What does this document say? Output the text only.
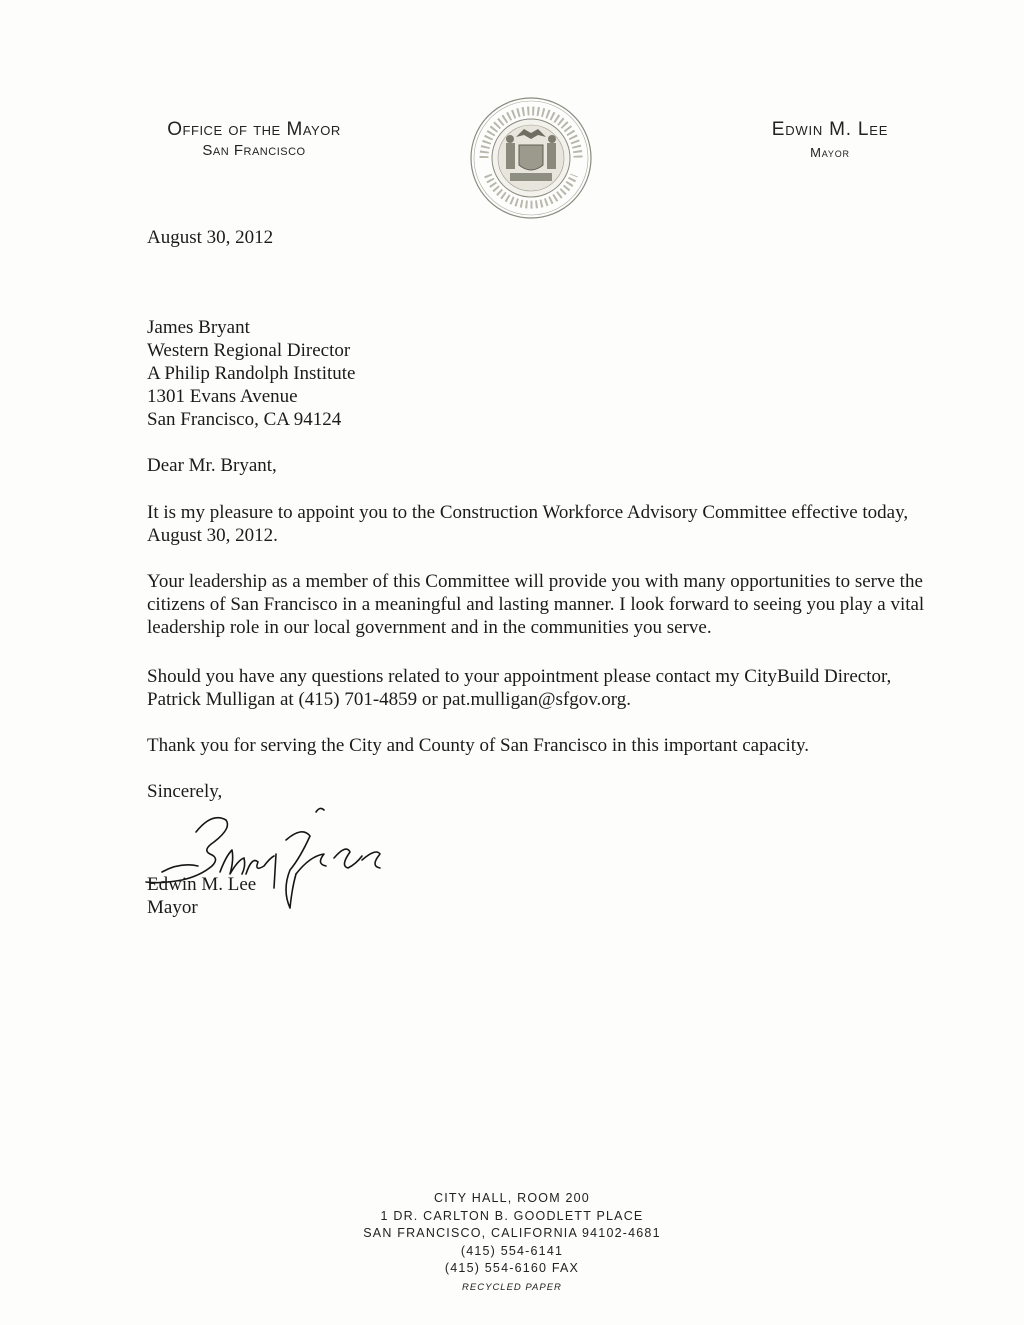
Office of the Mayor
San Francisco
Edwin M. Lee
Mayor
August 30, 2012
James Bryant
Western Regional Director
A Philip Randolph Institute
1301 Evans Avenue
San Francisco, CA 94124
Dear Mr. Bryant,
It is my pleasure to appoint you to the Construction Workforce Advisory Committee effective today, August 30, 2012.
Your leadership as a member of this Committee will provide you with many opportunities to serve the citizens of San Francisco in a meaningful and lasting manner. I look forward to seeing you play a vital leadership role in our local government and in the communities you serve.
Should you have any questions related to your appointment please contact my CityBuild Director, Patrick Mulligan at (415) 701-4859 or pat.mulligan@sfgov.org.
Thank you for serving the City and County of San Francisco in this important capacity.
Sincerely,
Edwin M. Lee
Mayor
CITY HALL, ROOM 200
1 DR. CARLTON B. GOODLETT PLACE
SAN FRANCISCO, CALIFORNIA 94102-4681
(415) 554-6141
(415) 554-6160 FAX
RECYCLED PAPER
